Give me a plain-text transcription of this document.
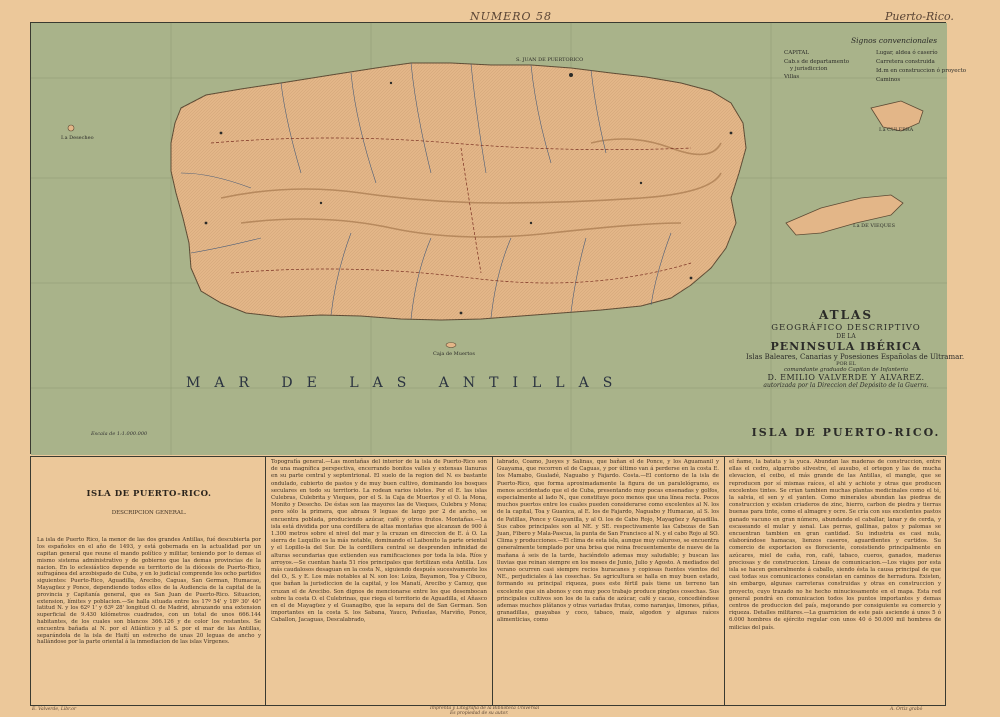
NUMERO 58	Puerto-Rico.
Signos convencionales
CAPITAL
Cab.s de departamento
y jurisdiccion
Villas
Lugar, aldea ó caserío
Carretera construida
Id.m en construccion ó proyecto
Caminos
S. JUAN DE PUERTORICO
I.a CULEBRA
I.a DE VIEQUES
I.a Desecheo
Caja de Muertos
MAR DE LAS ANTILLAS
ATLAS
GEOGRÁFICO DESCRIPTIVO
DE LA
PENINSULA IBÉRICA
Islas Baleares, Canarias y Posesiones Españolas de Ultramar.
POR EL
comandante graduado Capitan de Infanteria
D. EMILIO VALVERDE Y ALVAREZ.
autorizada por la Direccion del Depósito de la Guerra.
ISLA DE PUERTO-RICO.
Escala de 1:1.000.000
ISLA DE PUERTO-RICO.
DESCRIPCION GENERAL.
La isla de Puerto Rico, la menor de las dos grandes Antillas, fué descubierta por los españoles en el año de 1493, y está gobernada en la actualidad por un capitan general que reune el mando político y militar, teniendo por lo demas el mismo sistema administrativo y de gobierno que las demas provincias de la nacion. En lo eclesiástico depende su territorio de la diócesis de Puerto-Rico, sufragánea del arzobispado de Cuba, y en lo judicial comprende los ocho partidos siguientes: Puerto-Rico, Aguadilla, Arecibo, Caguas, San German, Humacao, Mayagüez y Ponce, dependiendo todos ellos de la Audiencia de la capital de la provincia y Capitanía general, que es San Juan de Puerto-Rico. Situacion, extension, límites y poblacion.—Se halla situada entre los 17º 54' y 18º 30' 40" latitud N. y los 62º 1' y 63º 28' longitud O. de Madrid, abrazando una extension superficial de 9.430 kilómetros cuadrados, con un total de unos 666.144 habitantes, de los cuales son blancos 366.126 y de color los restantes. Se encuentra bañada al N. por el Atlántico y al S. por el mar de las Antillas, separándola de la isla de Haití un estrecho de unas 20 leguas de ancho y hallándose por la parte oriental á la inmediacion de las islas Vírgenes.
Topografía general.—Las montañas del interior de la isla de Puerto-Rico son de una magnífica perspectiva, encerrando bonitos valles y extensas llanuras en su parte central y septentrional. El suelo de la region del N. es bastante ondulado, cubierto de pastos y de muy buen cultivo, dominando los bosques seculares en todo su territorio. La rodean varios islotes. Por el E. las islas Culebras, Culebrita y Vieques, por el S. la Caja de Muertos y el O. la Mona, Monito y Desecho. De éstas son las mayores las de Vieques, Culebra y Mona; pero sólo la primera, que abraza 9 leguas de largo por 2 de ancho, se encuentra poblada, produciendo azúcar, café y otros frutos. Montañas.—La isla está dividida por una cordillera de altas montañas que alcanzan de 900 á 1.300 metros sobre el nivel del mar y la cruzan en direccion de E. á O. La sierra de Luquillo es la más notable, dominando el Laibonito la parte oriental y el Lopillo-la del Sur. De la cordillera central se desprenden infinidad de alturas secundarias que extienden sus ramificaciones por toda la isla. Ríos y arroyos.—Se cuentan hasta 51 ríos principales que fertilizan esta Antilla. Los más caudalosos desaguan en la costa N., siguiendo después sucesivamente los del O., S. y E. Los más notables al N. son los: Loíza, Bayamon, Toa y Cibuco, que bañan la jurisdiccion de la capital, y los Manatí, Arecibo y Camuy, que cruzan el de Arecibo. Son dignos de mencionarse entre los que desembocan sobre la costa O. el Culebrinas, que riega el territorio de Aguadilla, el Añasco en el de Mayagüez y el Guanagibo, que la separa del de San German. Son importantes en la costa S. los Sabana, Yauco, Peñuelas, Marviño, Ponce, Caballon, Jacaguas, Descalabrado,
labrado, Coamo, Jueyes y Salinas, que bañan el de Ponce, y los Aguamanil y Guayama, que recorren el de Caguas, y por último van á perderse en la costa E. los Mamabo, Gualadé, Naguabo y Fajardo. Costa.—El contorno de la isla de Puerto-Rico, que forma aproximadamente la figura de un paralelógramo, es menos accidentado que el de Cuba, presentando muy pocas ensenadas y golfos, especialmente al lado N., que constituye poco menos que una línea recta. Pocos muchos puertos entre los cuales pueden considerarse como excelentes al N. los de la capital, Toa y Guanica, al E. los de Fajardo, Naguabo y Humacao, al S. los de Patillas, Ponce y Guayanilla, y al O. los de Cabo Rojo, Mayagüez y Aguadilla. Sus cabos principales son al NE. y SE. respectivamente las Cabezas de San Juan, Fibero y Mala-Pascua, la punta de San Francisco al N. y el cabo Rojo al SO. Clima y producciones.—El clima de esta isla, aunque muy caluroso, se encuentra generalmente templado por una brisa que reina frecuentemente de nueve de la mañana á seis de la tarde, haciéndolo ademas muy saludable; y buscan las lluvias que reinan siempre en los meses de Junio, Julio y Agosto. A mediados del verano ocurren casi siempre recios huracanes y copiosas fuentes vientos del NE., perjudiciales á las cosechas. Su agricultura se halla en muy buen estado, formando su principal riqueza, pues este fértil país tiene un terreno tan excelente que sin abonos y con muy poco trabajo produce pingües cosechas. Sus principales cultivos son los de la caña de azúcar, café y cacao, concediéndose ademas muchos plátanos y otras variadas frutas, como naranjas, limones, piñas, granadillas, guayabas y coco, tabaco, maíz, algodon y algunas raíces alimenticias, como
el ñame, la batata y la yuca. Abundan las maderas de construccion, entre ellas el cedro, algarrobo silvestre, el ausubo, el ortegon y las de mucha elevacion, el ceibo, el más grande de las Antillas, el mangle, que se reproducen por sí mismas raíces, el ahi y achiote y otras que producen excelentes tintes. Se crian tambien muchas plantas medicinales como el té, la salvia, el sen y el yanten. Como minerales abundan las piedras de construccion y existen criaderos de zinc, hierro, carbon de piedra y tierras buenas para tinte, como el almagre y ocre. Se cría con sus excelentes pastos ganado vacuno en gran número, abundando el caballar, lanar y de cerda, y escaseando el mular y asnal. Las perras, gallinas, patos y palomas se encuentran tambien en gran cantidad. Su industria es casi nula, elaborándose hamacas, lienzos caseros, aguardientes y curtidos. Su comercio de exportacion es floreciente, consistiendo principalmente en azúcares, miel de caña, ron, café, tabaco, cueros, ganados, maderas preciosas y de construccion. Líneas de comunicacion.—Los viajes por esta isla se hacen generalmente á caballo, siendo ésta la causa principal de que casi todas sus comunicaciones consistan en caminos de herradura. Existen, sin embargo, algunas carreteras construidas y otras en construccion y proyecto, cuyo trazado no he hecho minuciosamente en el mapa. Esta red general pondrá en comunicacion todos los puntos importantes y demas centros de produccion del país, mejorando por consiguiente su comercio y riqueza. Detalles militares.—La guarnicion de este país asciende á unos 5 ó 6.000 hombres de ejército regular con unos 40 ó 50.000 mil hombres de milicias del país.
E. Valverde, Libr.or	Imprenta y Litografía de la Biblioteca Universal
Es propiedad de su autor.
A. Ortiz grabó
